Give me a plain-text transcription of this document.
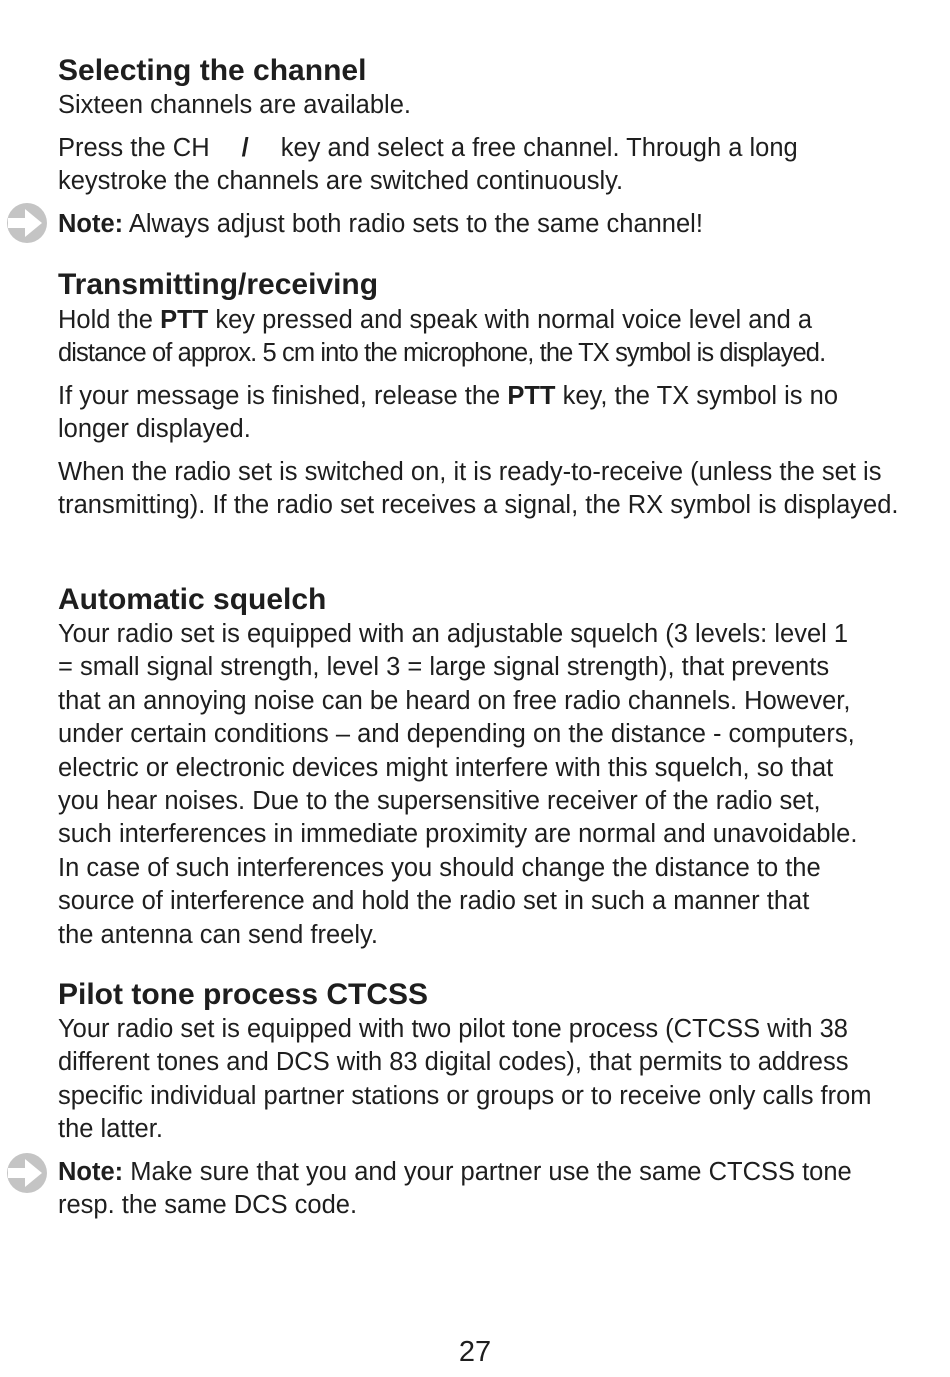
Selecting the channel

Sixteen channels are available.

Press the CH / key and select a free channel. Through a long keystroke the channels are switched continuously.

Note: Always adjust both radio sets to the same channel!

Transmitting/receiving

Hold the PTT key pressed and speak with normal voice level and a

distance of approx. 5 cm into the microphone, the TX symbol is displayed.

If your message is finished, release the PTT key, the TX symbol is no longer displayed.

When the radio set is switched on, it is ready-to-receive (unless the set is transmitting). If the radio set receives a signal, the RX symbol is displayed.

Automatic squelch
Your radio set is equipped with an adjustable squelch (3 levels: level 1
= small signal strength, level 3 = large signal strength), that prevents
that an annoying noise can be heard on free radio channels. However,
under certain conditions – and depending on the distance - computers,
electric or electronic devices might interfere with this squelch, so that
you hear noises. Due to the supersensitive receiver of the radio set,
such interferences in immediate proximity are normal and unavoidable.
In case of such interferences you should change the distance to the
source of interference and hold the radio set in such a manner that
the antenna can send freely.
Pilot tone process CTCSS

Your radio set is equipped with two pilot tone process (CTCSS with 38 different tones and DCS with 83 digital codes), that permits to address specific individual partner stations or groups or to receive only calls from the latter.

Note: Make sure that you and your partner use the same CTCSS tone resp. the same DCS code.

27
